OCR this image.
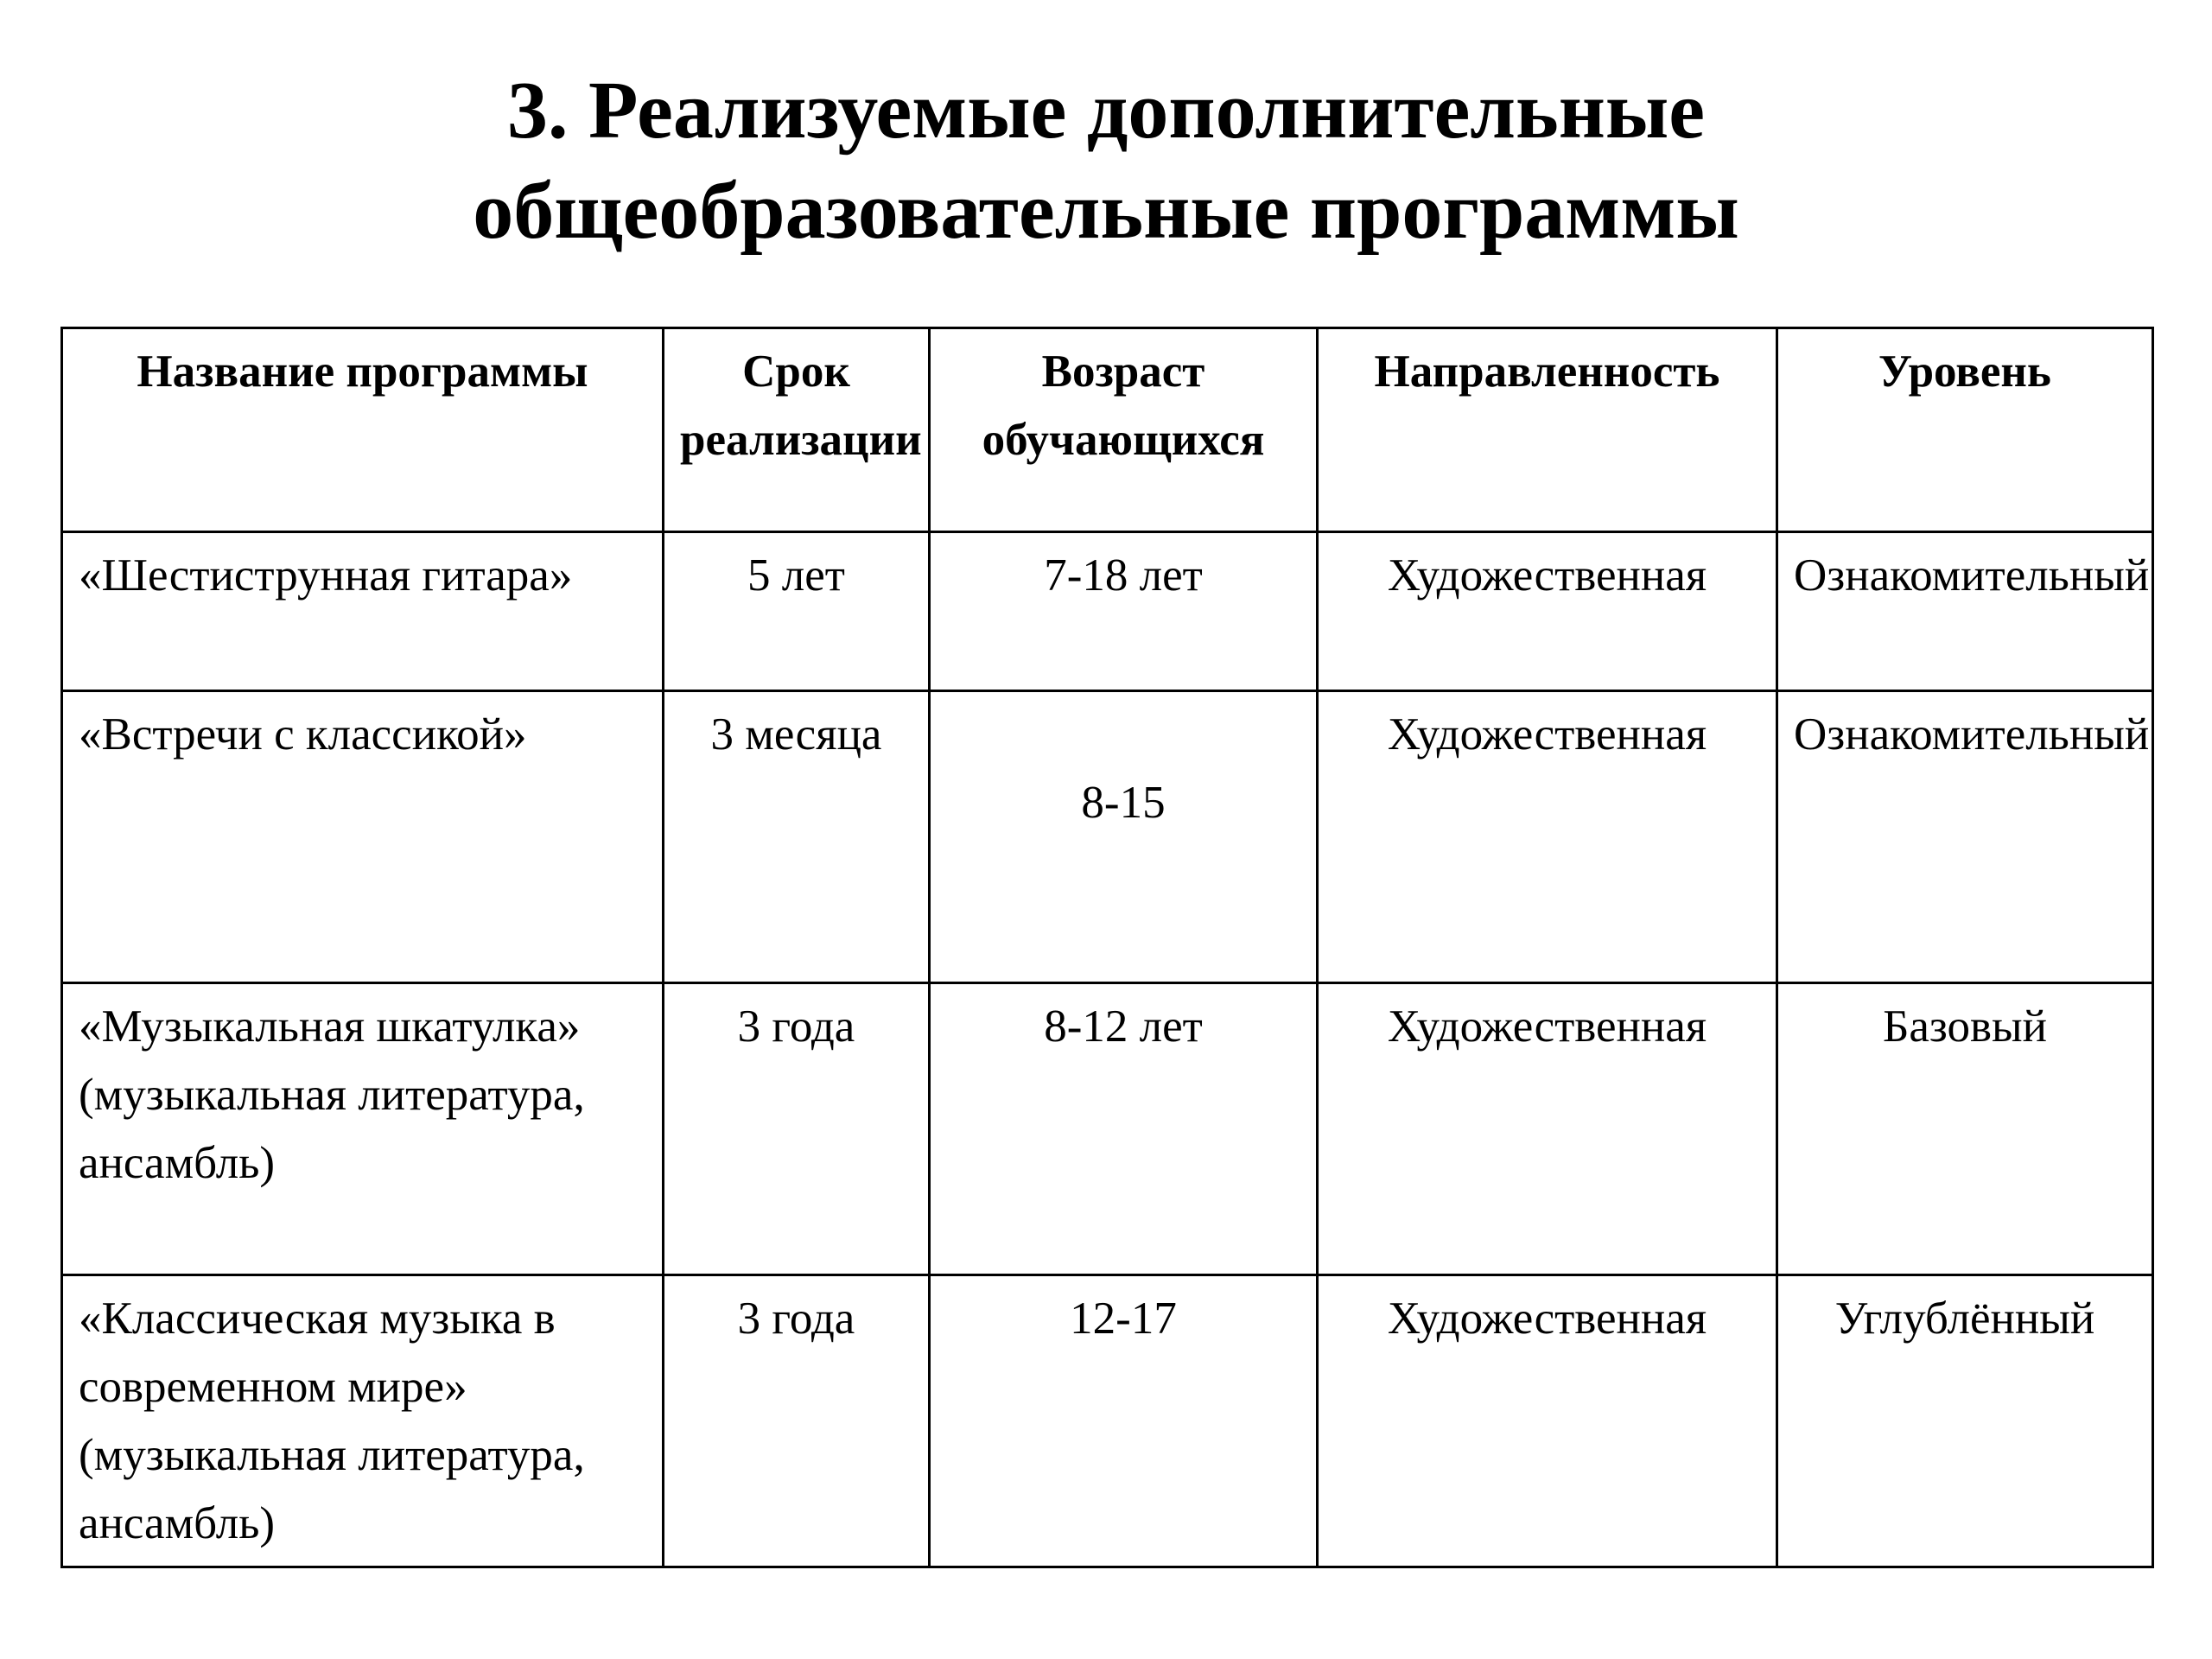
3. Реализуемые дополнительные
общеобразовательные программы
Название программы	Срок реализации	Возраст обучающихся	Направленность	Уровень
«Шестиструнная гитара»	5 лет	7-18 лет	Художественная	Ознакомительный
«Встречи с классикой»	3 месяца	8-15	Художественная	Ознакомительный
«Музыкальная шкатулка» (музыкальная литература, ансамбль)	3 года	8-12 лет	Художественная	Базовый
«Классическая музыка в современном мире» (музыкальная литература, ансамбль)	3 года	12-17	Художественная	Углублённый
